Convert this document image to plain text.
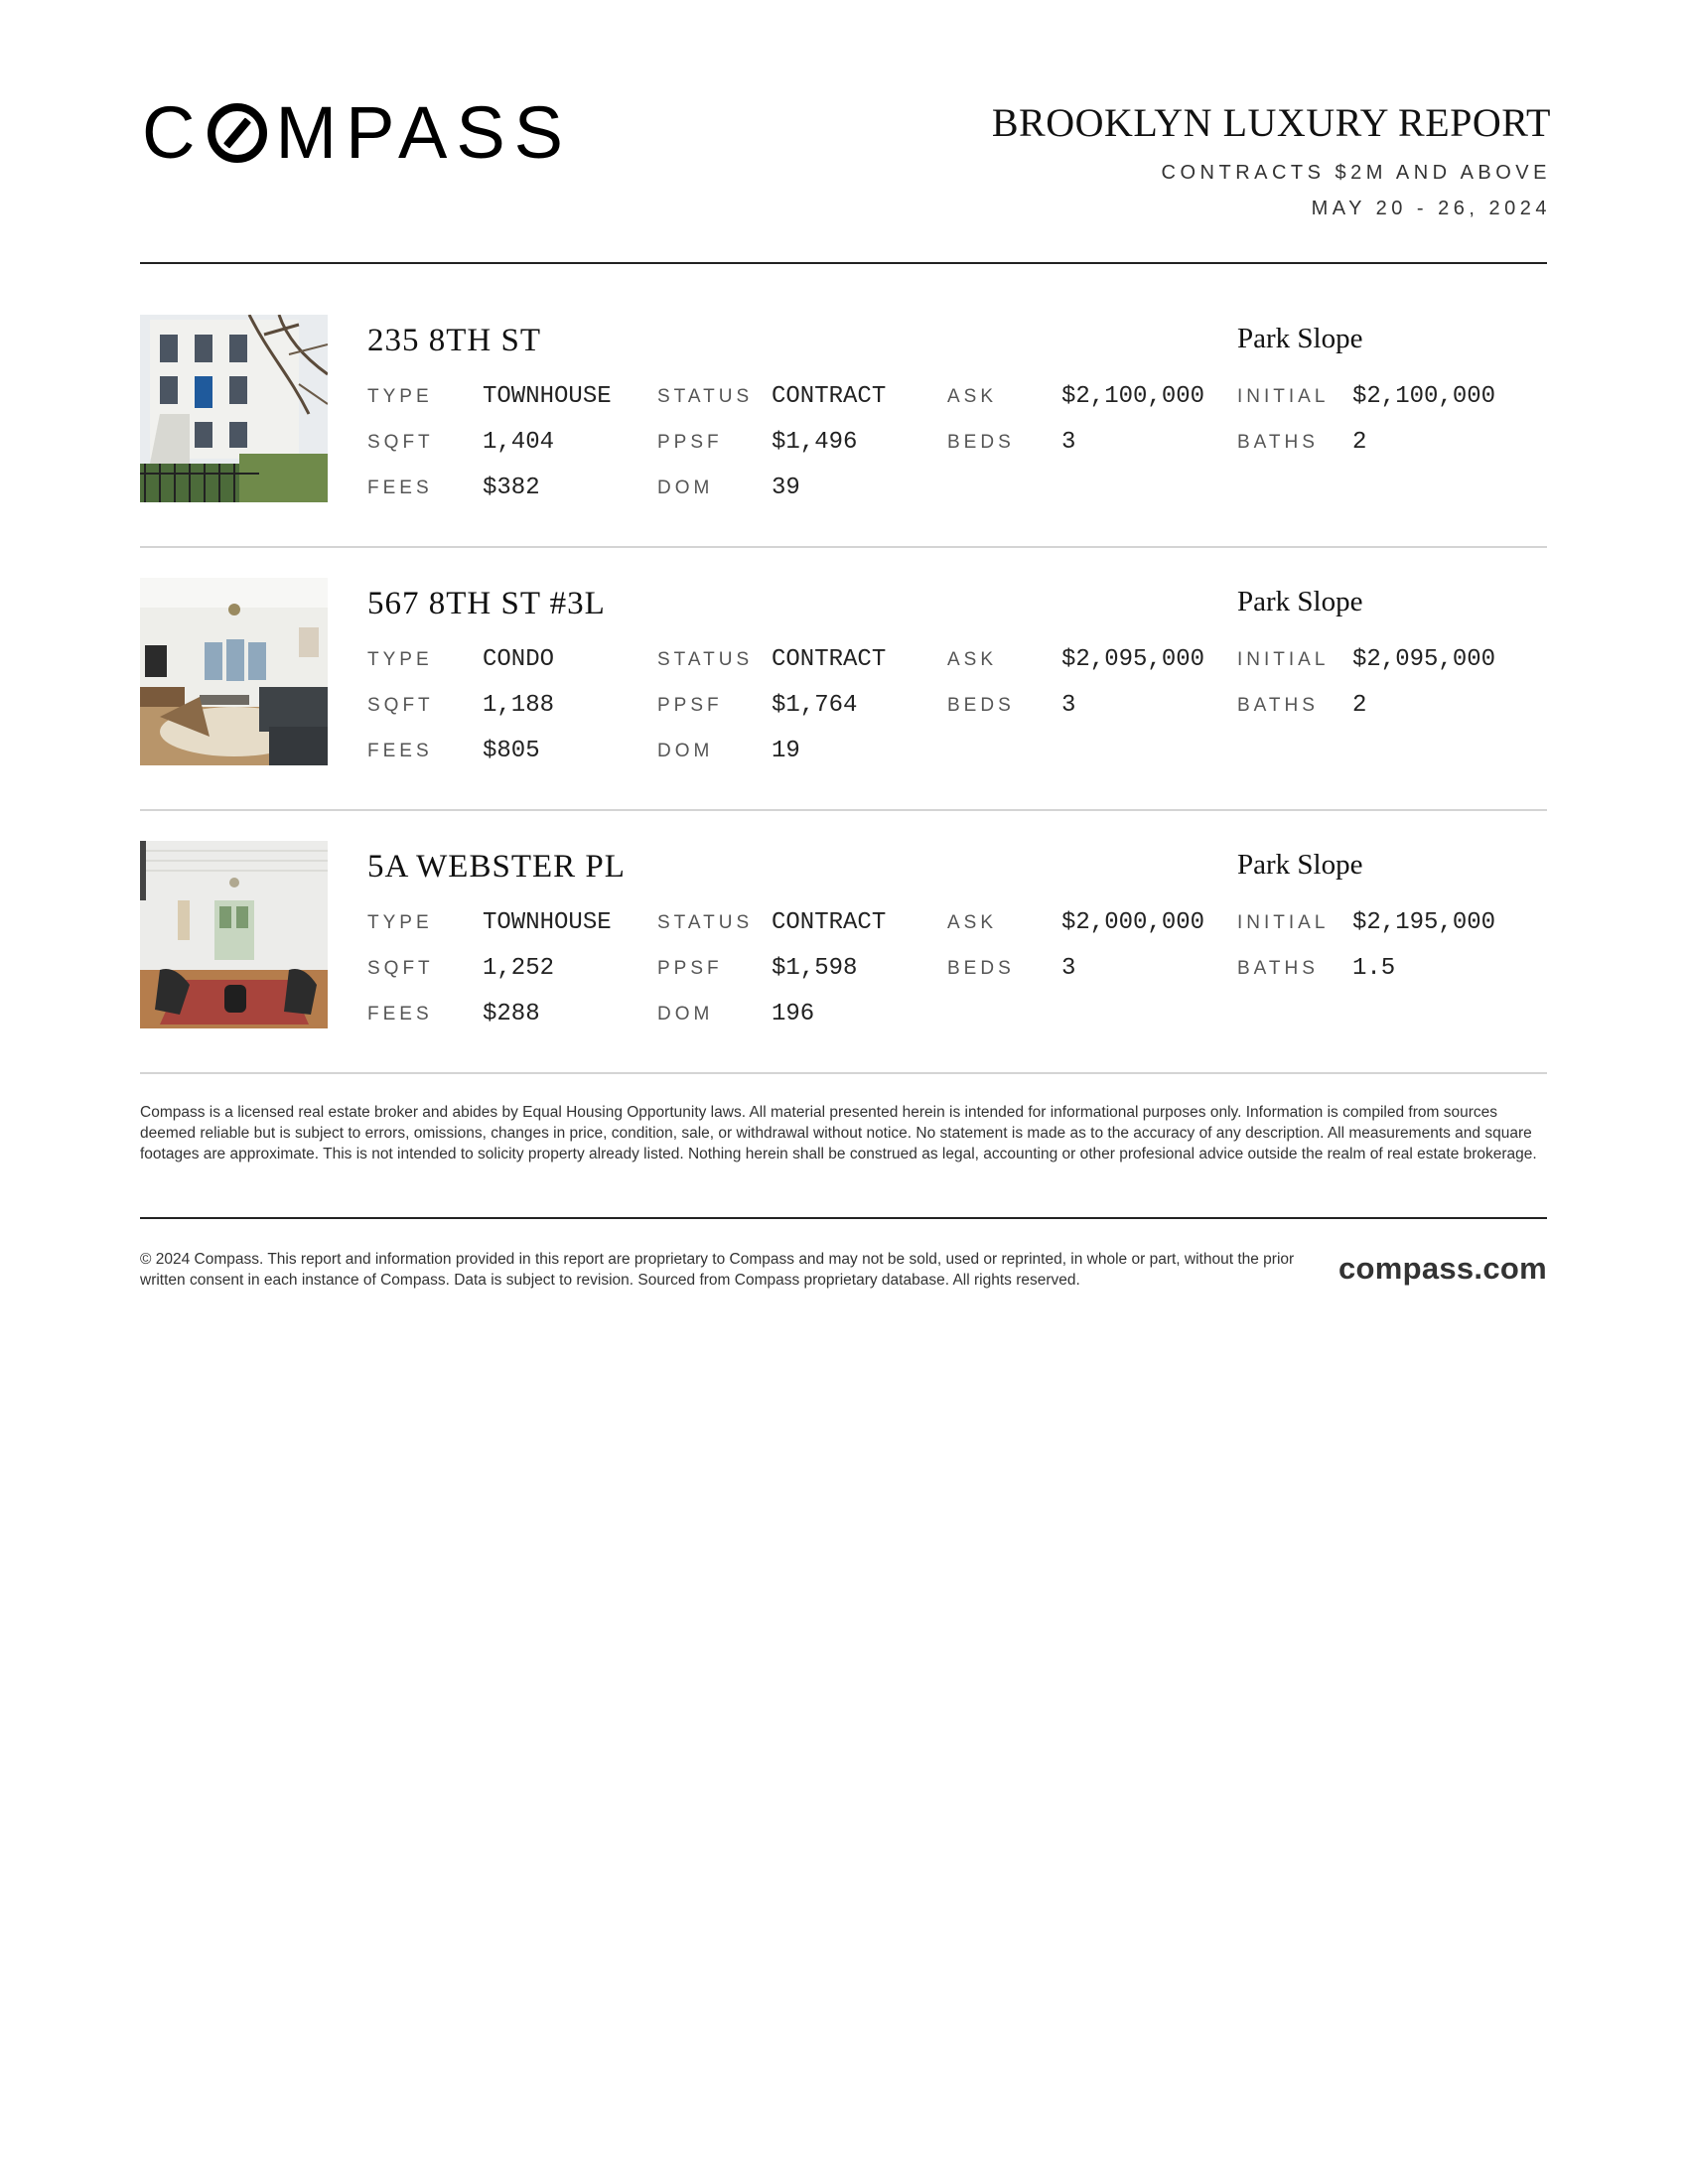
C MPASS	BROOKLYN LUXURY REPORT
CONTRACTS $2M AND ABOVE
MAY 20 - 26, 2024
235 8TH ST	Park Slope
TYPE TOWNHOUSE STATUS CONTRACT	ASK	$2,100,000 INITIAL $2,100,000
SQFT 1,404	PPSF $1,496	BEDS 3	BATHS 2
FEES $382	DOM 39
567 8TH ST #3L	Park Slope
TYPE CONDO	STATUS CONTRACT	ASK	$2,095,000 INITIAL $2,095,000
SQFT 1,188	PPSF $1,764	BEDS 3	BATHS 2
FEES $805	DOM 19
5A WEBSTER PL	Park Slope
TYPE TOWNHOUSE STATUS CONTRACT	ASK	$2,000,000 INITIAL $2,195,000
SQFT 1,252	PPSF $1,598	BEDS 3	BATHS 1.5
FEES $288	DOM 196
Compass is a licensed real estate broker and abides by Equal Housing Opportunity laws. All material presented herein is intended for informational purposes only. Information is compiled from sources deemed reliable but is subject to errors, omissions, changes in price, condition, sale, or withdrawal without notice. No statement is made as to the accuracy of any description. All measurements and square footages are approximate. This is not intended to solicity property already listed. Nothing herein shall be construed as legal, accounting or other profesional advice outside the realm of real estate brokerage.
© 2024 Compass. This report and information provided in this report are proprietary to Compass and may not be sold, used or reprinted, in whole or part, without the prior written consent in each instance of Compass. Data is subject to revision. Sourced from Compass proprietary database. All rights reserved.	compass.com
